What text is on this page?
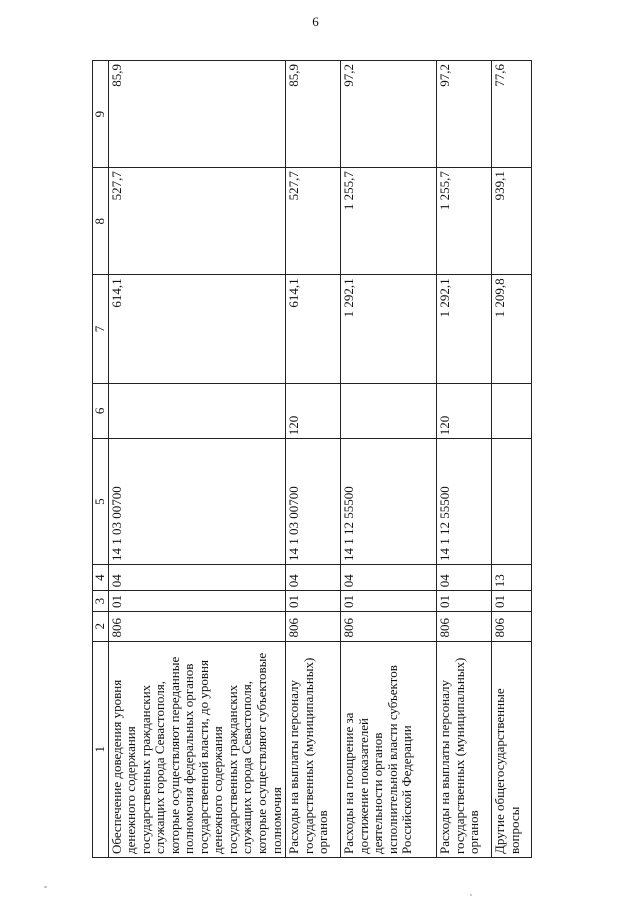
6
1	2	3	4	5	6	7	8	9
Обеспечение доведения уровня денежного содержания государственных гражданских служащих города Севастополя, которые осуществляют переданные полномочия федеральных органов государственной власти, до уровня денежного содержания государственных гражданских служащих города Севастополя, которые осуществляют субъектовые полномочия	806	01	04	14 1 03 00700		614,1	527,7	85,9
Расходы на выплаты персоналу государственных (муниципальных) органов	806	01	04	14 1 03 00700	120	614,1	527,7	85,9
Расходы на поощрение за достижение показателей деятельности органов исполнительной власти субъектов Российской Федерации	806	01	04	14 1 12 55500		1 292,1	1 255,7	97,2
Расходы на выплаты персоналу государственных (муниципальных) органов	806	01	04	14 1 12 55500	120	1 292,1	1 255,7	97,2
Другие общегосударственные вопросы	806	01	13			1 209,8	939,1	77,6
